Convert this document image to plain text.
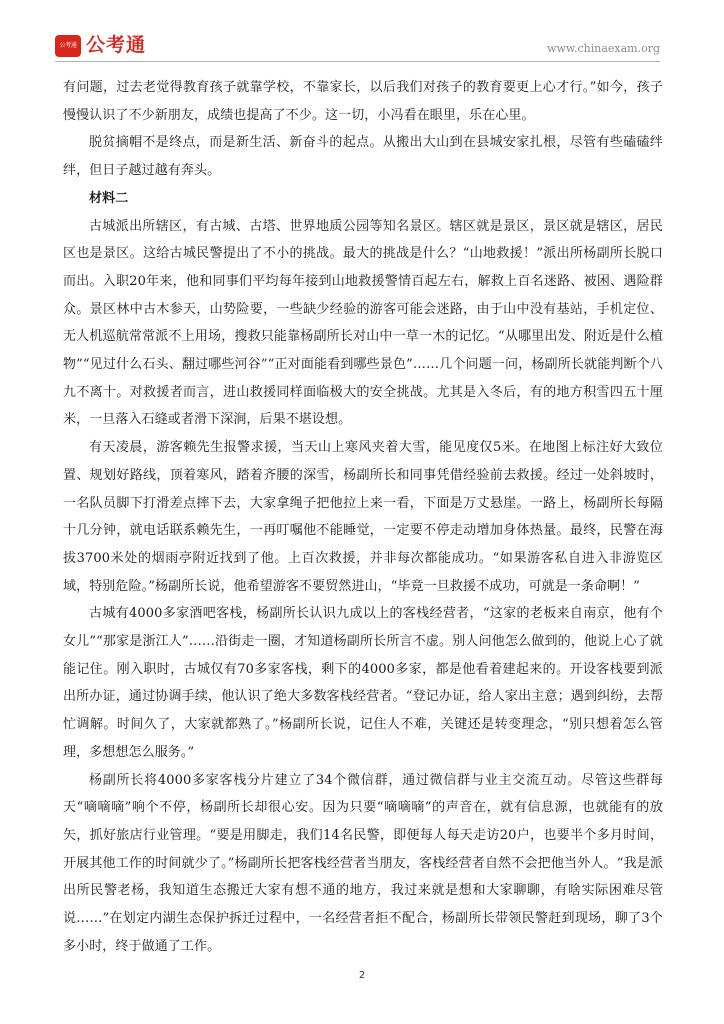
公考通 公考通	www.chinaexam.org

有问题，过去老觉得教育孩子就靠学校，不靠家长，以后我们对孩子的教育要更上心才行。”如今，孩子慢慢认识了不少新朋友，成绩也提高了不少。这一切，小冯看在眼里，乐在心里。

脱贫摘帽不是终点，而是新生活、新奋斗的起点。从搬出大山到在县城安家扎根，尽管有些磕磕绊绊，但日子越过越有奔头。

材料二

古城派出所辖区，有古城、古塔、世界地质公园等知名景区。辖区就是景区，景区就是辖区，居民区也是景区。这给古城民警提出了不小的挑战。最大的挑战是什么？“山地救援！”派出所杨副所长脱口而出。入职20年来，他和同事们平均每年接到山地救援警情百起左右，解救上百名迷路、被困、遇险群众。景区林中古木参天，山势险要，一些缺少经验的游客可能会迷路，由于山中没有基站，手机定位、无人机巡航常常派不上用场，搜救只能靠杨副所长对山中一草一木的记忆。“从哪里出发、附近是什么植物”“见过什么石头、翻过哪些河谷”“正对面能看到哪些景色”……几个问题一问，杨副所长就能判断个八九不离十。对救援者而言，进山救援同样面临极大的安全挑战。尤其是入冬后，有的地方积雪四五十厘米，一旦落入石缝或者滑下深涧，后果不堪设想。

有天凌晨，游客赖先生报警求援，当天山上寒风夹着大雪，能见度仅5米。在地图上标注好大致位置、规划好路线，顶着寒风，踏着齐腰的深雪，杨副所长和同事凭借经验前去救援。经过一处斜坡时，一名队员脚下打滑差点摔下去，大家拿绳子把他拉上来一看，下面是万丈悬崖。一路上，杨副所长每隔十几分钟，就电话联系赖先生，一再叮嘱他不能睡觉，一定要不停走动增加身体热量。最终，民警在海拔3700米处的烟雨亭附近找到了他。上百次救援，并非每次都能成功。“如果游客私自进入非游览区域，特别危险。”杨副所长说，他希望游客不要贸然进山，“毕竟一旦救援不成功，可就是一条命啊！”

古城有4000多家酒吧客栈，杨副所长认识九成以上的客栈经营者，“这家的老板来自南京，他有个女儿”“那家是浙江人”……沿街走一圈，才知道杨副所长所言不虚。别人问他怎么做到的，他说上心了就能记住。刚入职时，古城仅有70多家客栈，剩下的4000多家，都是他看着建起来的。开设客栈要到派出所办证，通过协调手续，他认识了绝大多数客栈经营者。“登记办证，给人家出主意；遇到纠纷，去帮忙调解。时间久了，大家就都熟了。”杨副所长说，记住人不难，关键还是转变理念，“别只想着怎么管理，多想想怎么服务。”

杨副所长将4000多家客栈分片建立了34个微信群，通过微信群与业主交流互动。尽管这些群每天“嘀嘀嘀”响个不停，杨副所长却很心安。因为只要“嘀嘀嘀”的声音在，就有信息源，也就能有的放矢，抓好旅店行业管理。“要是用脚走，我们14名民警，即便每人每天走访20户，也要半个多月时间，开展其他工作的时间就少了。”杨副所长把客栈经营者当朋友，客栈经营者自然不会把他当外人。“我是派出所民警老杨，我知道生态搬迁大家有想不通的地方，我过来就是想和大家聊聊，有啥实际困难尽管说……”在划定内湖生态保护拆迁过程中，一名经营者拒不配合，杨副所长带领民警赶到现场，聊了3个多小时，终于做通了工作。

2
